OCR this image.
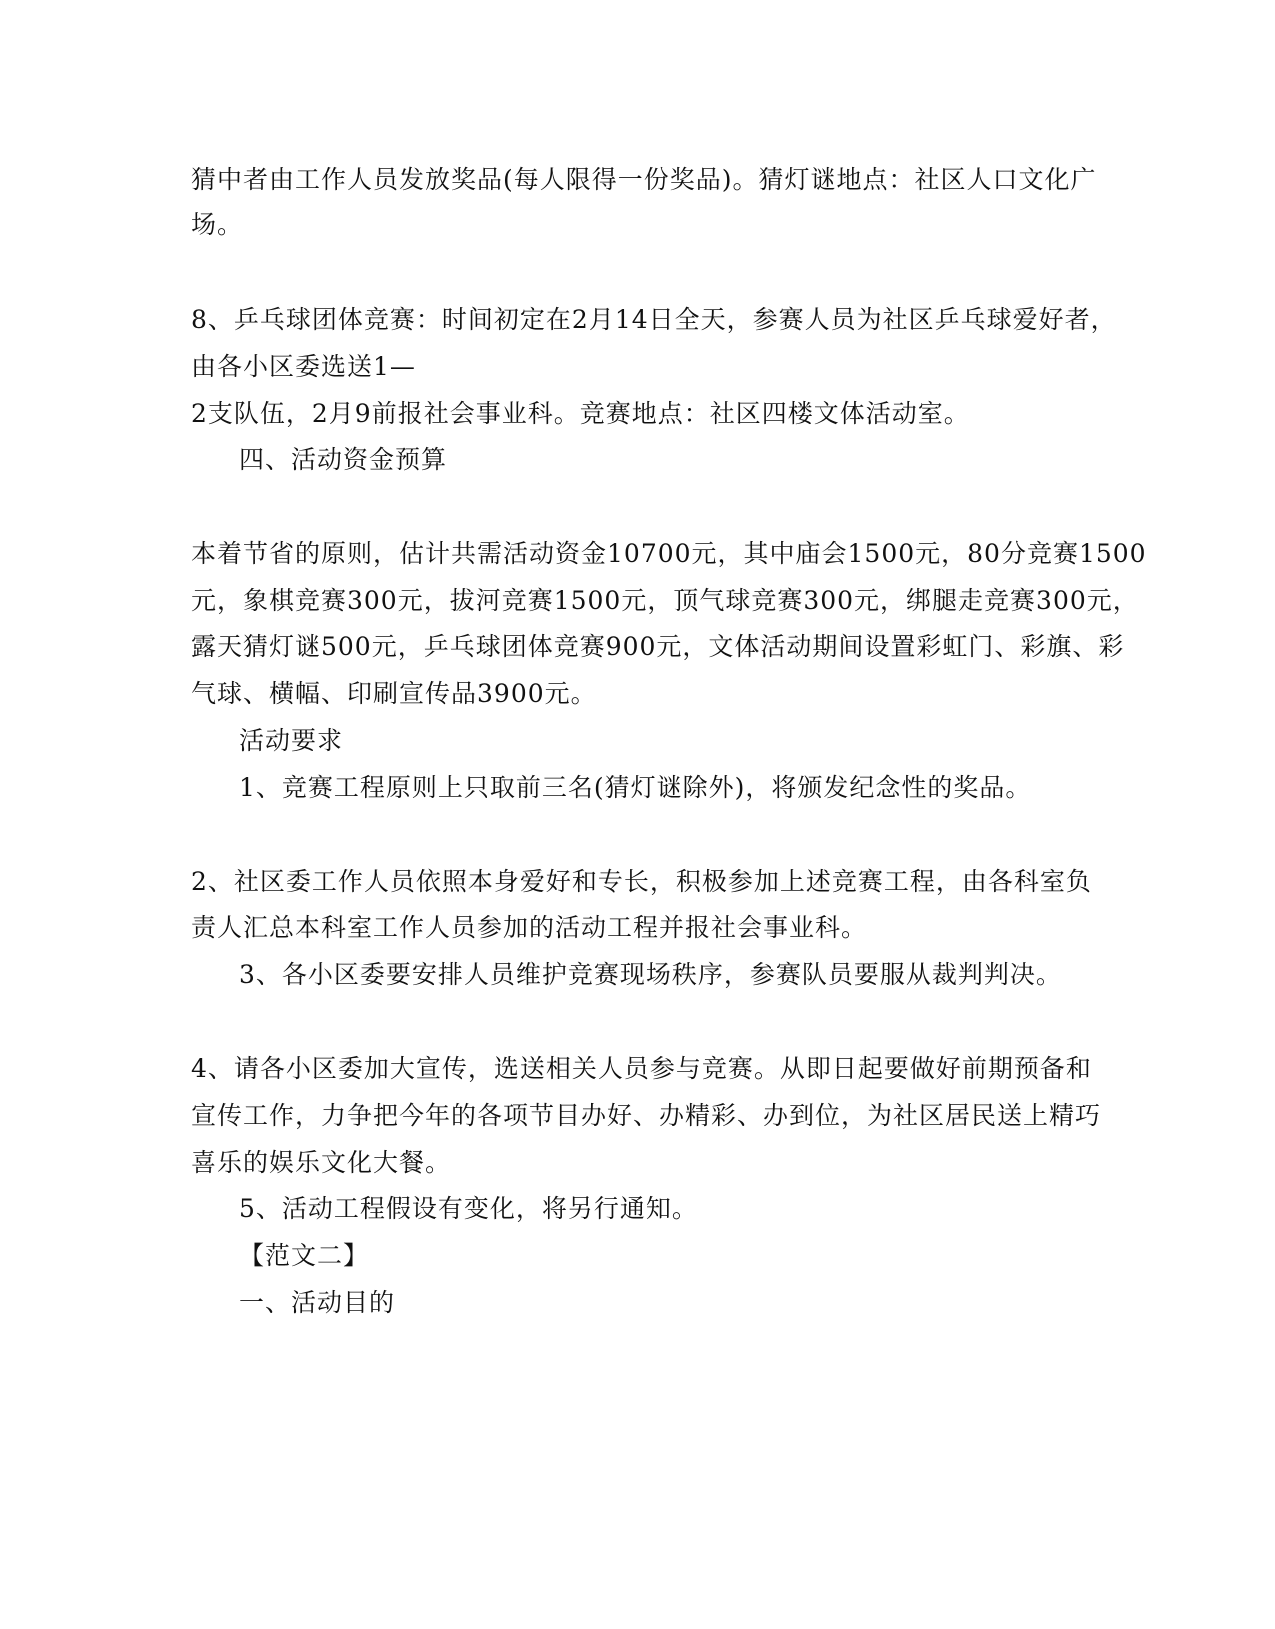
猜中者由工作人员发放奖品(每人限得一份奖品)。猜灯谜地点：社区人口文化广
场。
8、乒乓球团体竞赛：时间初定在2月14日全天，参赛人员为社区乒乓球爱好者，
由各小区委选送1—
2支队伍，2月9前报社会事业科。竞赛地点：社区四楼文体活动室。
四、活动资金预算
本着节省的原则，估计共需活动资金10700元，其中庙会1500元，80分竞赛1500
元，象棋竞赛300元，拔河竞赛1500元，顶气球竞赛300元，绑腿走竞赛300元，
露天猜灯谜500元，乒乓球团体竞赛900元，文体活动期间设置彩虹门、彩旗、彩
气球、横幅、印刷宣传品3900元。
活动要求
1、竞赛工程原则上只取前三名(猜灯谜除外)，将颁发纪念性的奖品。
2、社区委工作人员依照本身爱好和专长，积极参加上述竞赛工程，由各科室负
责人汇总本科室工作人员参加的活动工程并报社会事业科。
3、各小区委要安排人员维护竞赛现场秩序，参赛队员要服从裁判判决。
4、请各小区委加大宣传，选送相关人员参与竞赛。从即日起要做好前期预备和
宣传工作，力争把今年的各项节目办好、办精彩、办到位，为社区居民送上精巧
喜乐的娱乐文化大餐。
5、活动工程假设有变化，将另行通知。
【范文二】
一、活动目的
